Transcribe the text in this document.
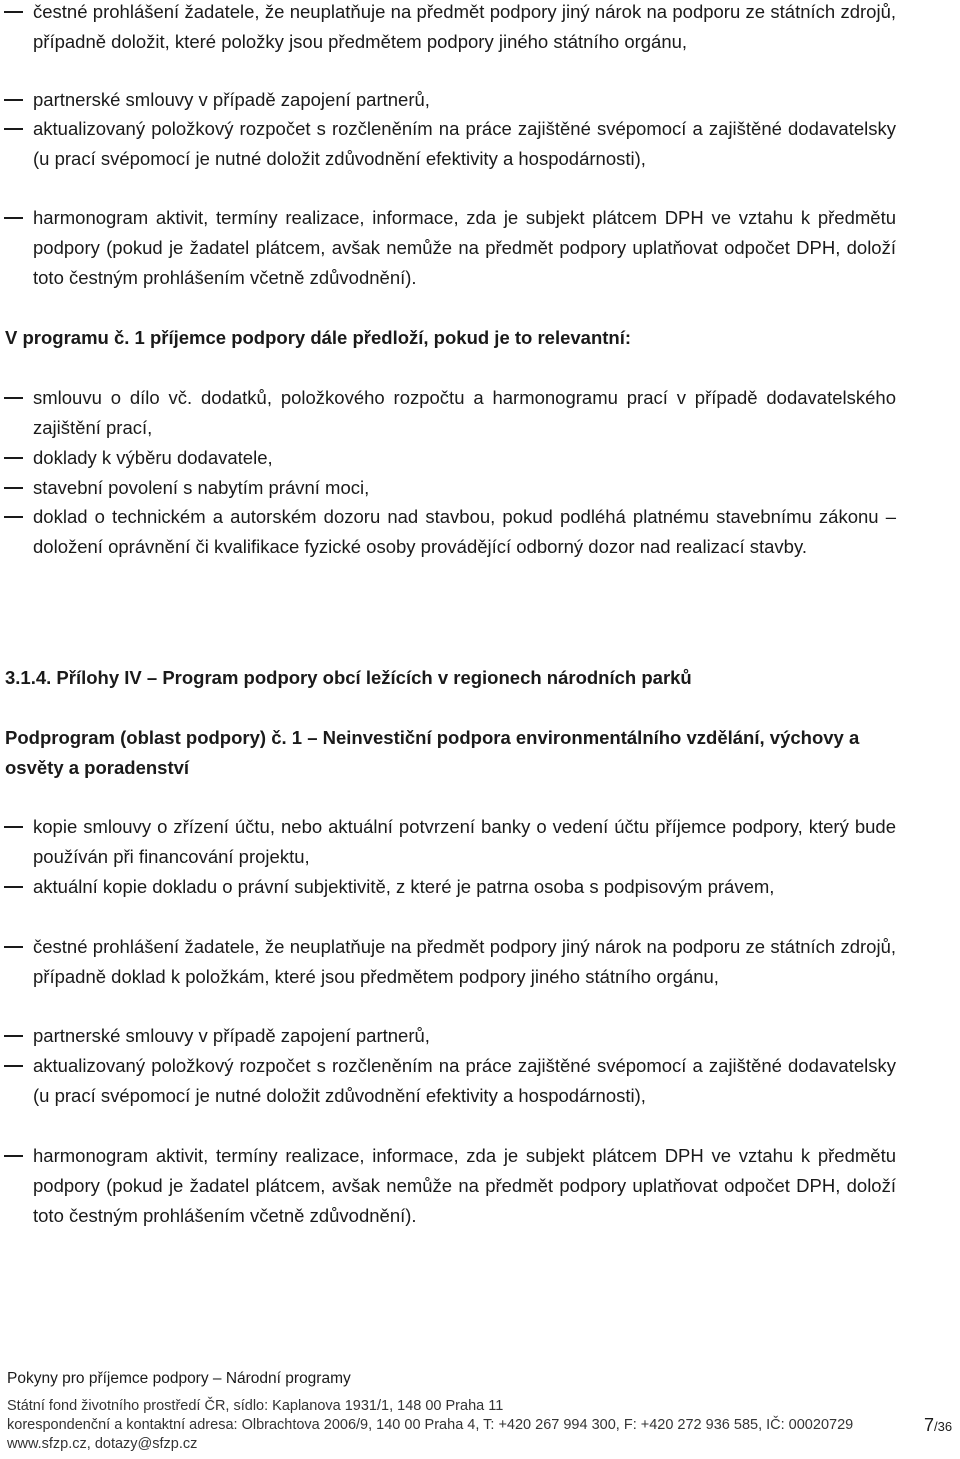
čestné prohlášení žadatele, že neuplatňuje na předmět podpory jiný nárok na podporu ze státních zdrojů, případně doložit, které položky jsou předmětem podpory jiného státního orgánu,
partnerské smlouvy v případě zapojení partnerů,
aktualizovaný položkový rozpočet s rozčleněním na práce zajištěné svépomocí a zajištěné dodavatelsky (u prací svépomocí je nutné doložit zdůvodnění efektivity a hospodárnosti),
harmonogram aktivit, termíny realizace, informace, zda je subjekt plátcem DPH ve vztahu k předmětu podpory (pokud je žadatel plátcem, avšak nemůže na předmět podpory uplatňovat odpočet DPH, doloží toto čestným prohlášením včetně zdůvodnění).
V programu č. 1 příjemce podpory dále předloží, pokud je to relevantní:
smlouvu o dílo vč. dodatků, položkového rozpočtu a harmonogramu prací v případě dodavatelského zajištění prací,
doklady k výběru dodavatele,
stavební povolení s nabytím právní moci,
doklad o technickém a autorském dozoru nad stavbou, pokud podléhá platnému stavebnímu zákonu – doložení oprávnění či kvalifikace fyzické osoby provádějící odborný dozor nad realizací stavby.
3.1.4. Přílohy IV – Program podpory obcí ležících v regionech národních parků
Podprogram (oblast podpory) č. 1 – Neinvestiční podpora environmentálního vzdělání, výchovy a osvěty a poradenství
kopie smlouvy o zřízení účtu, nebo aktuální potvrzení banky o vedení účtu příjemce podpory, který bude používán při financování projektu,
aktuální kopie dokladu o právní subjektivitě, z které je patrna osoba s podpisovým právem,
čestné prohlášení žadatele, že neuplatňuje na předmět podpory jiný nárok na podporu ze státních zdrojů, případně doklad k položkám, které jsou předmětem podpory jiného státního orgánu,
partnerské smlouvy v případě zapojení partnerů,
aktualizovaný položkový rozpočet s rozčleněním na práce zajištěné svépomocí a zajištěné dodavatelsky (u prací svépomocí je nutné doložit zdůvodnění efektivity a hospodárnosti),
harmonogram aktivit, termíny realizace, informace, zda je subjekt plátcem DPH ve vztahu k předmětu podpory (pokud je žadatel plátcem, avšak nemůže na předmět podpory uplatňovat odpočet DPH, doloží toto čestným prohlášením včetně zdůvodnění).
Pokyny pro příjemce podpory – Národní programy
Státní fond životního prostředí ČR, sídlo: Kaplanova 1931/1, 148 00 Praha 11
korespondenční a kontaktní adresa: Olbrachtova 2006/9, 140 00 Praha 4, T: +420 267 994 300, F: +420 272 936 585, IČ: 00020729
www.sfzp.cz, dotazy@sfzp.cz
7/36
